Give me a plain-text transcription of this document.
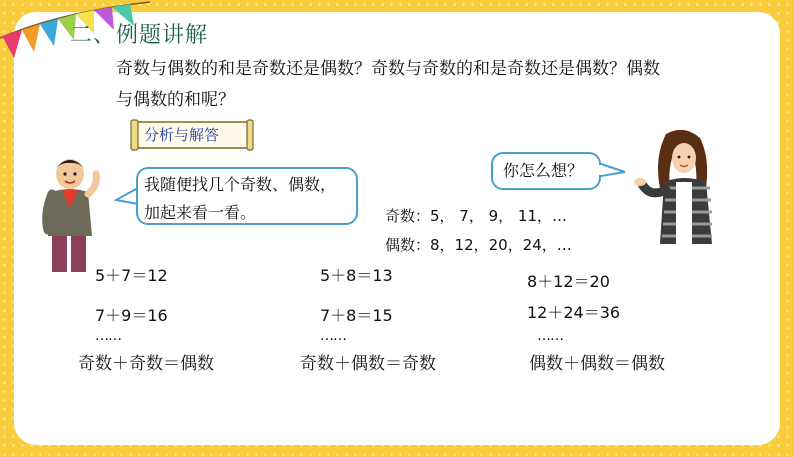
二、例题讲解
奇数与偶数的和是奇数还是偶数？奇数与奇数的和是奇数还是偶数？偶数与偶数的和呢？
分析与解答
我随便找几个奇数、偶数，加起来看一看。
你怎么想？
奇数：5， 7， 9， 11，…
偶数：8，12，20，24，…
5＋7＝12
7＋9＝16
……
奇数＋奇数＝偶数
5＋8＝13
7＋8＝15
……
奇数＋偶数＝奇数
8＋12＝20
12＋24＝36
……
偶数＋偶数＝偶数
